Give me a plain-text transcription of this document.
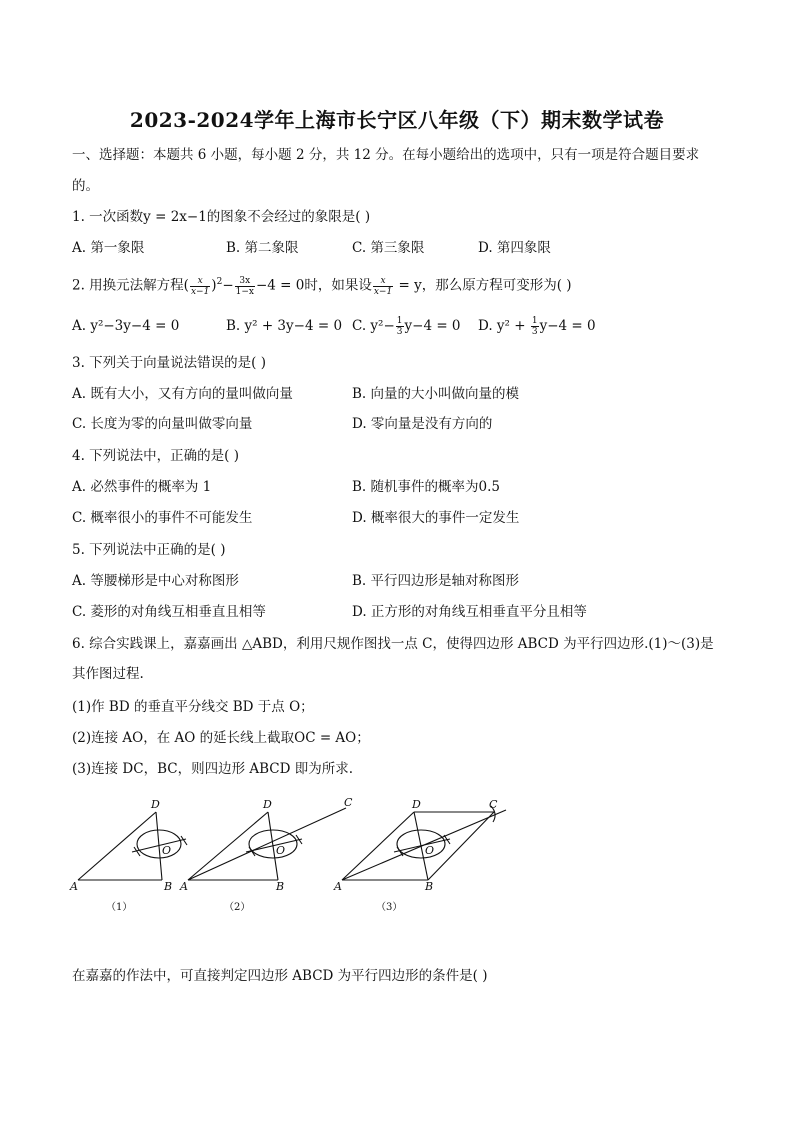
2023-2024学年上海市长宁区八年级（下）期末数学试卷
一、选择题：本题共 6 小题，每小题 2 分，共 12 分。在每小题给出的选项中，只有一项是符合题目要求
的。
1. 一次函数y = 2x−1的图象不会经过的象限是( )
A. 第一象限	B. 第二象限	C. 第三象限	D. 第四象限
2. 用换元法解方程( $\frac{x}{x-1} )^2- \frac{3x}{1-x} -4 = 0$时，如果设 $\frac{x}{x-1} = y$，那么原方程可变形为( )
A. y²−3y−4 = 0	B. y² + 3y−4 = 0 C. $y^2- \frac{1}{3} y-4 = 0$ D. $y^2 + \frac{1}{3} y-4 = 0$
3. 下列关于向量说法错误的是( )
A. 既有大小，又有方向的量叫做向量	B. 向量的大小叫做向量的模
C. 长度为零的向量叫做零向量	D. 零向量是没有方向的
4. 下列说法中，正确的是( )
A. 必然事件的概率为 1	B. 随机事件的概率为0.5
C. 概率很小的事件不可能发生	D. 概率很大的事件一定发生
5. 下列说法中正确的是( )
A. 等腰梯形是中心对称图形	B. 平行四边形是轴对称图形
C. 菱形的对角线互相垂直且相等	D. 正方形的对角线互相垂直平分且相等
6. 综合实践课上，嘉嘉画出 △ABD，利用尺规作图找一点 C，使得四边形 ABCD 为平行四边形.(1)～(3)是
其作图过程.
(1)作 BD 的垂直平分线交 BD 于点 O；
(2)连接 AO，在 AO 的延长线上截取OC = AO；
(3)连接 DC，BC，则四边形 ABCD 即为所求.
A	B
D
O
A	B
D	C
O
A	B
D	C
O
（1）	（2）	（3）
在嘉嘉的作法中，可直接判定四边形 ABCD 为平行四边形的条件是( )
